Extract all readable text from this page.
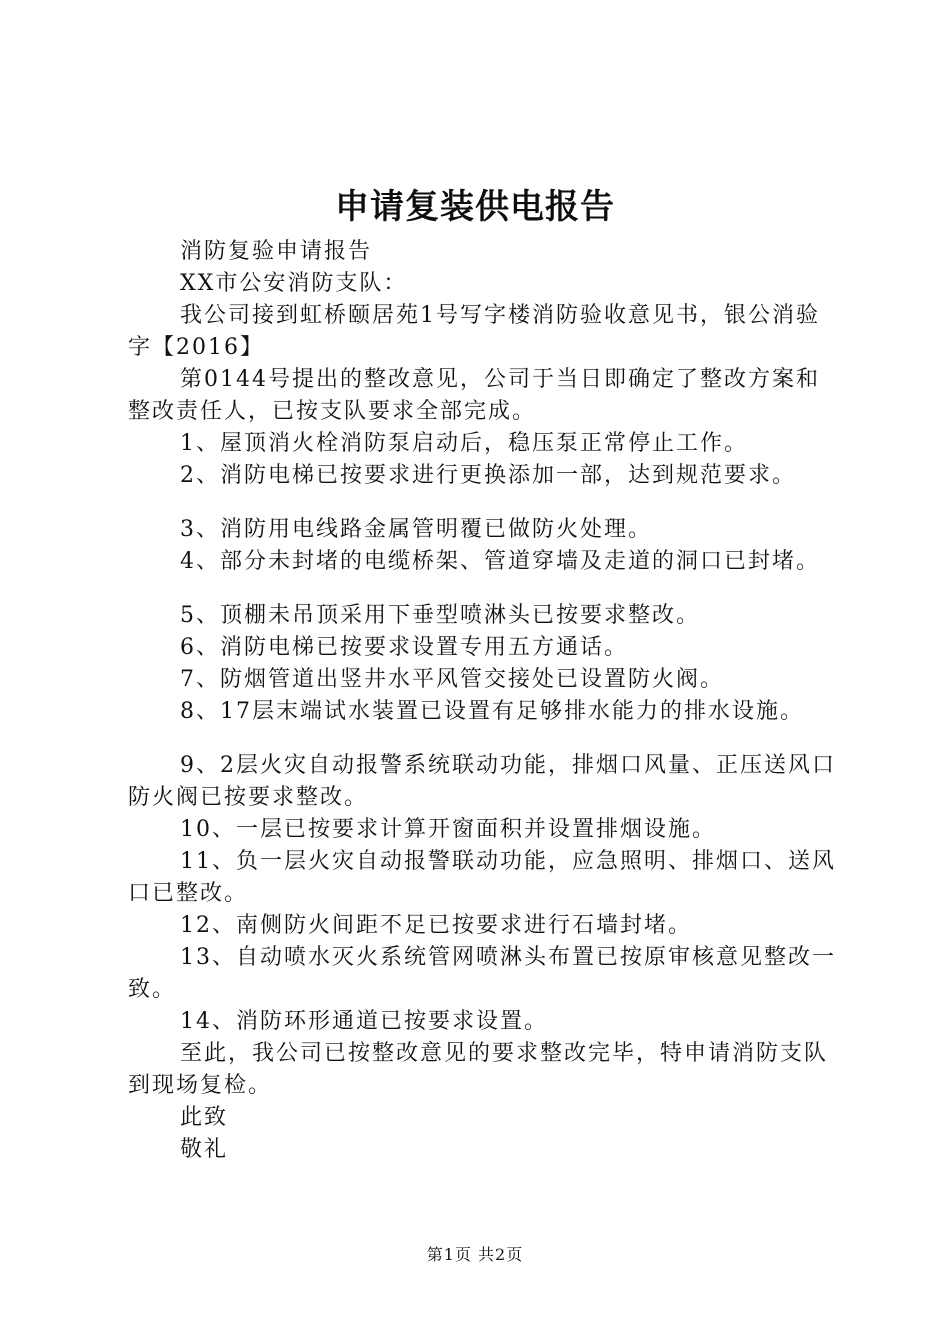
申请复装供电报告

消防复验申请报告

XX市公安消防支队：

我公司接到虹桥颐居苑1号写字楼消防验收意见书，银公消验字【2016】

第0144号提出的整改意见，公司于当日即确定了整改方案和整改责任人，已按支队要求全部完成。

1、屋顶消火栓消防泵启动后，稳压泵正常停止工作。

2、消防电梯已按要求进行更换添加一部，达到规范要求。

3、消防用电线路金属管明覆已做防火处理。

4、部分未封堵的电缆桥架、管道穿墙及走道的洞口已封堵。

5、顶棚未吊顶采用下垂型喷淋头已按要求整改。

6、消防电梯已按要求设置专用五方通话。

7、防烟管道出竖井水平风管交接处已设置防火阀。

8、17层末端试水装置已设置有足够排水能力的排水设施。

9、2层火灾自动报警系统联动功能，排烟口风量、正压送风口防火阀已按要求整改。

10、一层已按要求计算开窗面积并设置排烟设施。

11、负一层火灾自动报警联动功能，应急照明、排烟口、送风口已整改。

12、南侧防火间距不足已按要求进行石墙封堵。

13、自动喷水灭火系统管网喷淋头布置已按原审核意见整改一致。

14、消防环形通道已按要求设置。

至此，我公司已按整改意见的要求整改完毕，特申请消防支队到现场复检。

此致

敬礼

第1页 共2页
